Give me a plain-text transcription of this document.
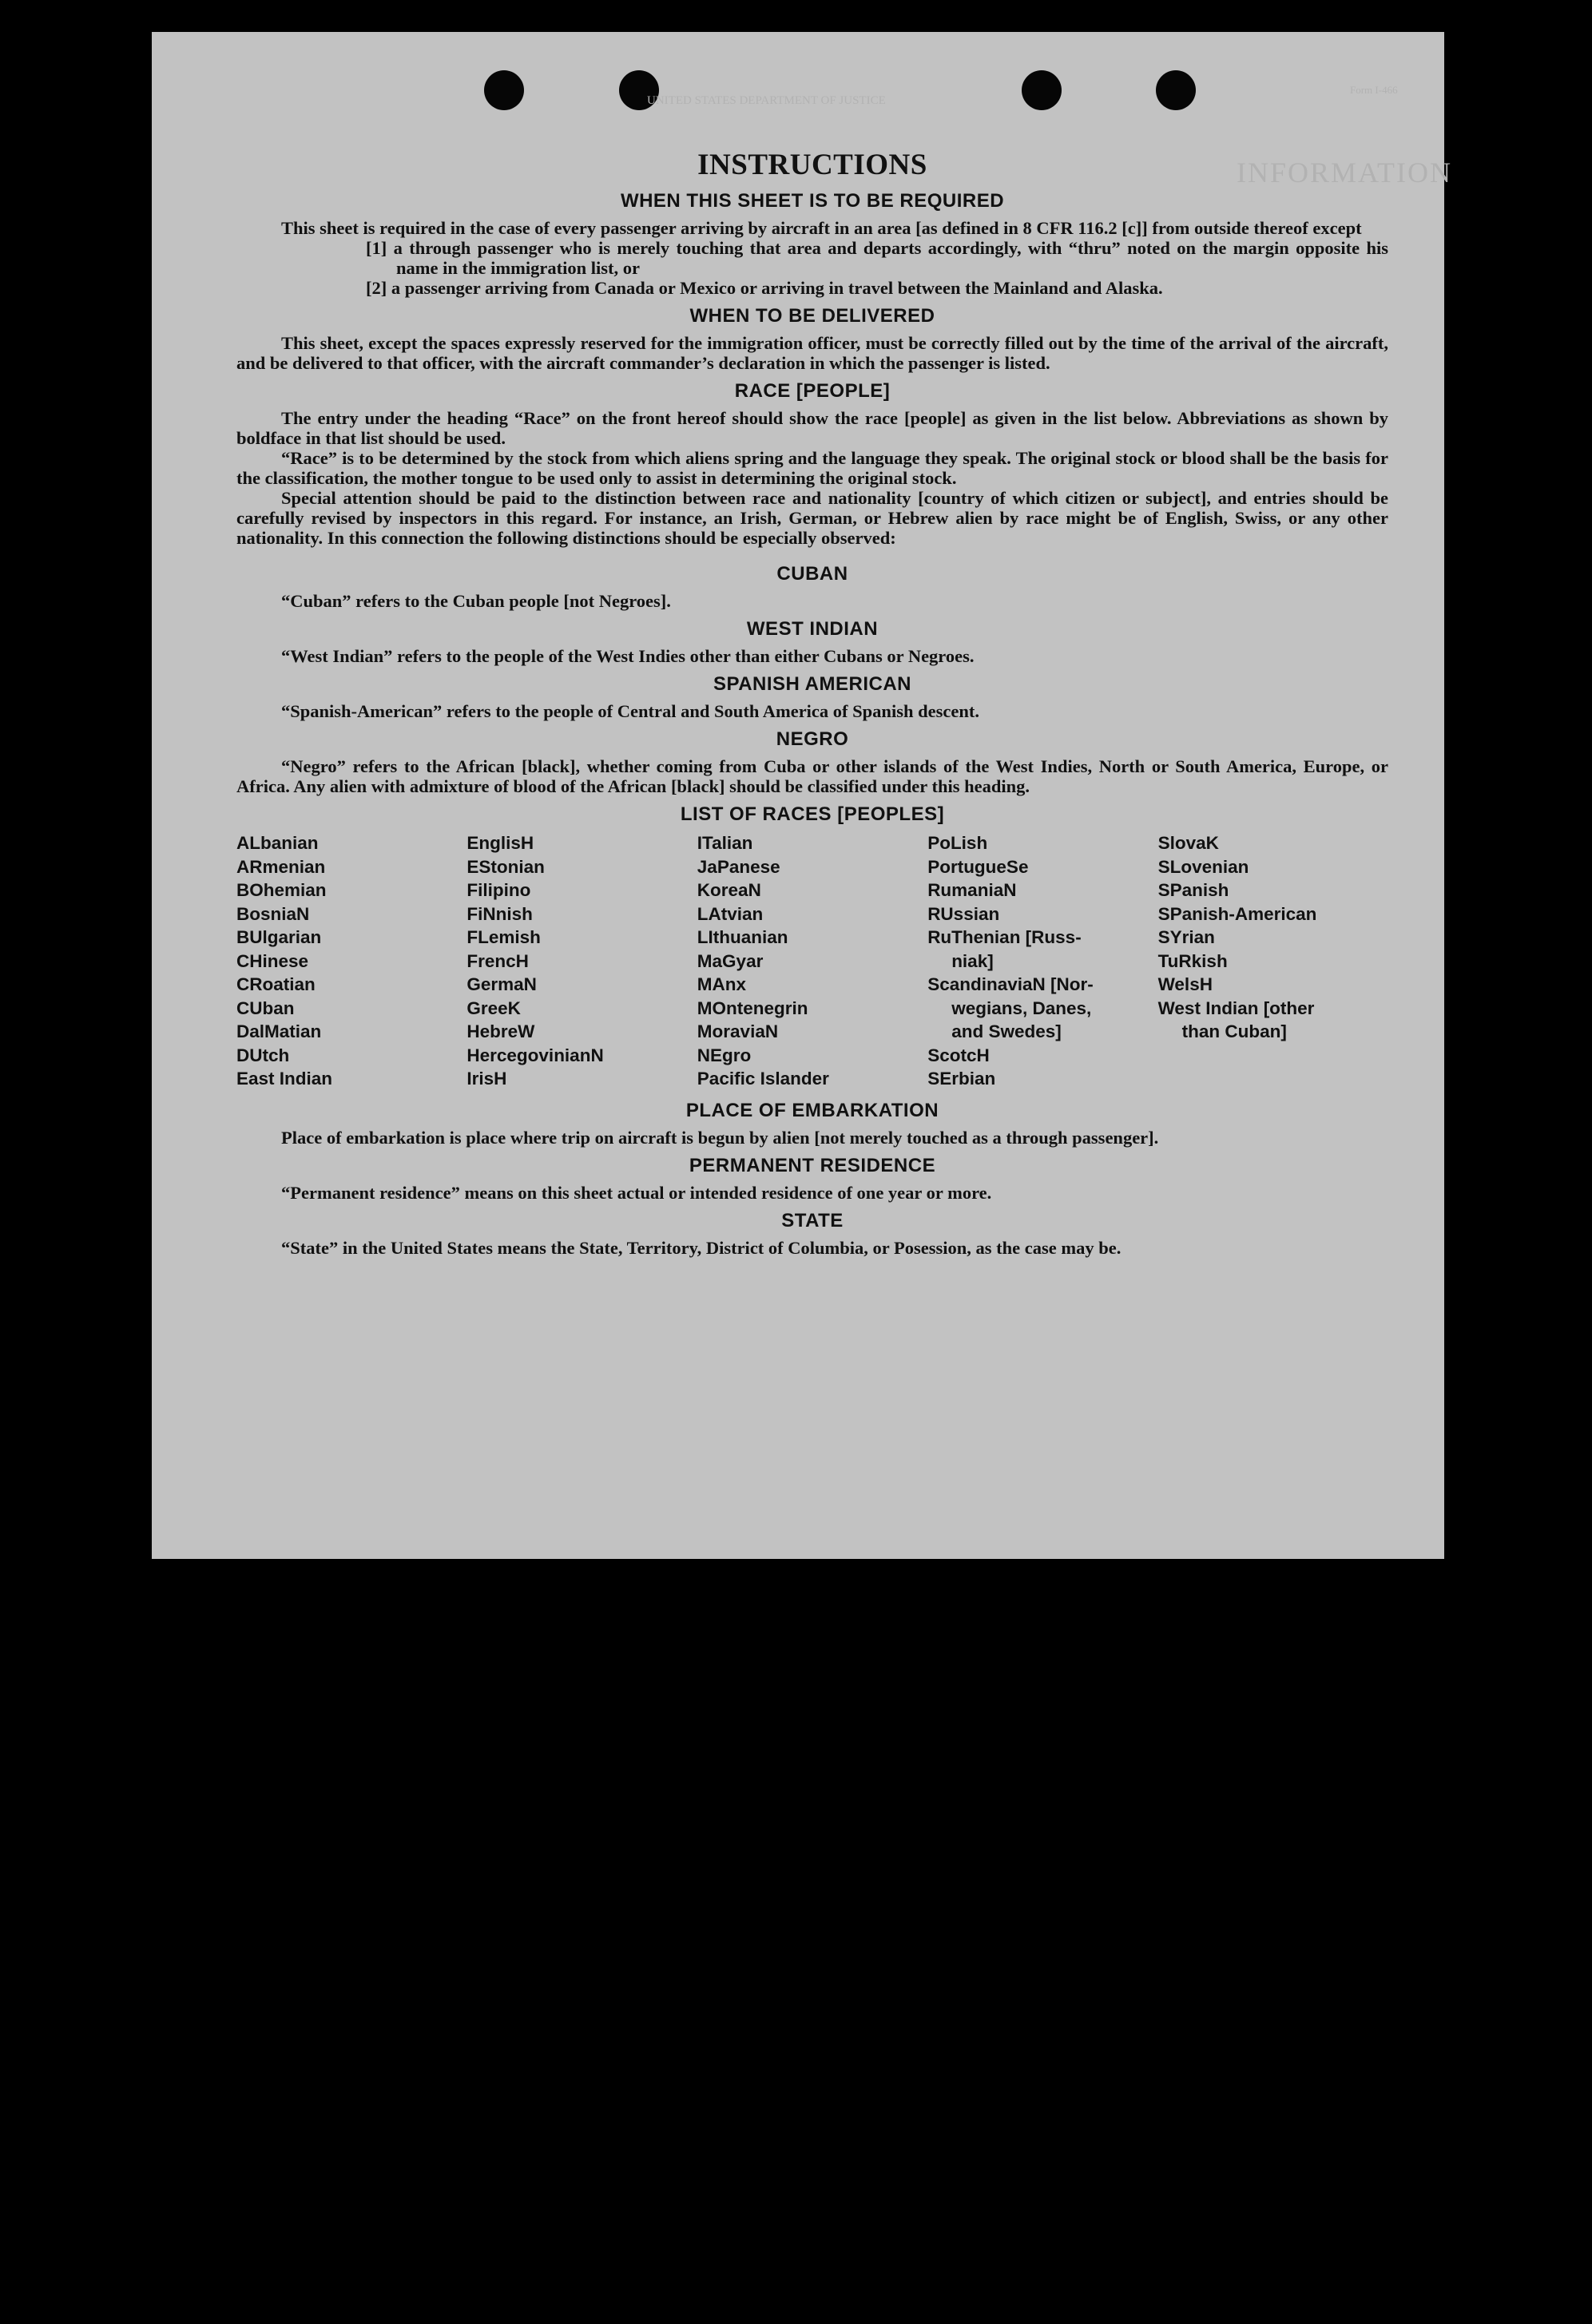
UNITED STATES DEPARTMENT OF JUSTICE
Form I-466
INFORMATION
INSTRUCTIONS
WHEN THIS SHEET IS TO BE REQUIRED

This sheet is required in the case of every passenger arriving by aircraft in an area [as defined in 8 CFR 116.2 [c]] from outside thereof except

[1] a through passenger who is merely touching that area and departs accordingly, with “thru” noted on the margin opposite his name in the immigration list, or

[2] a passenger arriving from Canada or Mexico or arriving in travel between the Mainland and Alaska.

WHEN TO BE DELIVERED

This sheet, except the spaces expressly reserved for the immigration officer, must be correctly filled out by the time of the arrival of the aircraft, and be delivered to that officer, with the aircraft commander’s declaration in which the passenger is listed.

RACE [PEOPLE]

The entry under the heading “Race” on the front hereof should show the race [people] as given in the list below. Abbreviations as shown by boldface in that list should be used.

“Race” is to be determined by the stock from which aliens spring and the language they speak. The original stock or blood shall be the basis for the classification, the mother tongue to be used only to assist in determining the original stock.

Special attention should be paid to the distinction between race and nationality [country of which citizen or subject], and entries should be carefully revised by inspectors in this regard. For instance, an Irish, German, or Hebrew alien by race might be of English, Swiss, or any other nationality. In this connection the following distinctions should be especially observed:

CUBAN

“Cuban” refers to the Cuban people [not Negroes].

WEST INDIAN

“West Indian” refers to the people of the West Indies other than either Cubans or Negroes.

SPANISH AMERICAN

“Spanish-American” refers to the people of Central and South America of Spanish descent.

NEGRO

“Negro” refers to the African [black], whether coming from Cuba or other islands of the West Indies, North or South America, Europe, or Africa. Any alien with admixture of blood of the African [black] should be classified under this heading.

LIST OF RACES [PEOPLES]
ALbanian
ARmenian
BOhemian
BosniaN
BUlgarian
CHinese
CRoatian
CUban
DalMatian
DUtch
East Indian
EnglisH
EStonian
Filipino
FiNnish
FLemish
FrencH
GermaN
GreeK
HebreW
HercegovinianN
IrisH
ITalian
JaPanese
KoreaN
LAtvian
LIthuanian
MaGyar
MAnx
MOntenegrin
MoraviaN
NEgro
Pacific Islander
PoLish
PortugueSe
RumaniaN
RUssian
RuThenian [Russ-
niak]
ScandinaviaN [Nor-
wegians, Danes,
and Swedes]
ScotcH
SErbian
SlovaK
SLovenian
SPanish
SPanish-American
SYrian
TuRkish
WelsH
West Indian [other
than Cuban]
PLACE OF EMBARKATION

Place of embarkation is place where trip on aircraft is begun by alien [not merely touched as a through passenger].

PERMANENT RESIDENCE

“Permanent residence” means on this sheet actual or intended residence of one year or more.

STATE

“State” in the United States means the State, Territory, District of Columbia, or Posession, as the case may be.
